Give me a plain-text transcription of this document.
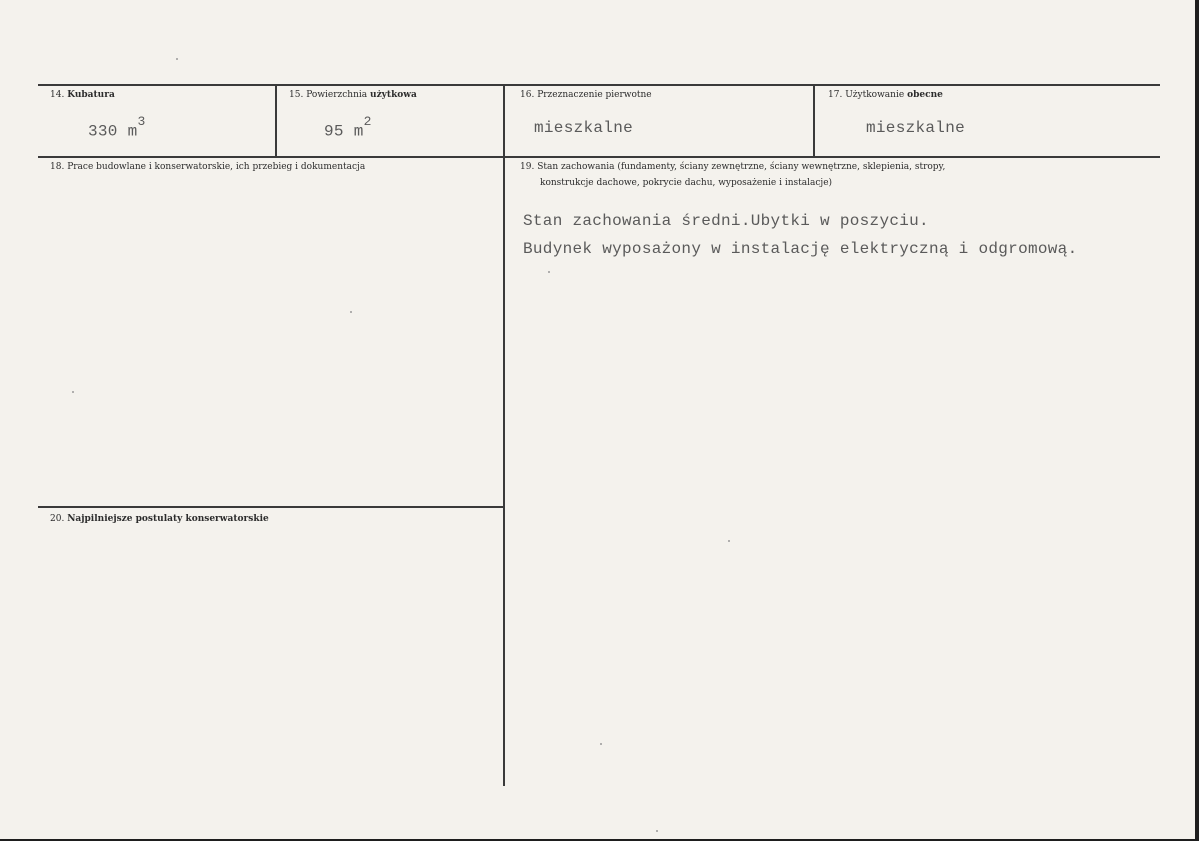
14. Kubatura
330 $m^3$
15. Powierzchnia użytkowa
95 $m^2$
16. Przeznaczenie pierwotne
mieszkalne
17. Użytkowanie obecne
mieszkalne
18. Prace budowlane i konserwatorskie, ich przebieg i dokumentacja	19. Stan zachowania (fundamenty, ściany zewnętrzne, ściany wewnętrzne, sklepienia, stropy,
konstrukcje dachowe, pokrycie dachu, wyposażenie i instalacje)
Stan zachowania średni.Ubytki w poszyciu.
Budynek wyposażony w instalację elektryczną i odgromową.
20. Najpilniejsze postulaty konserwatorskie
